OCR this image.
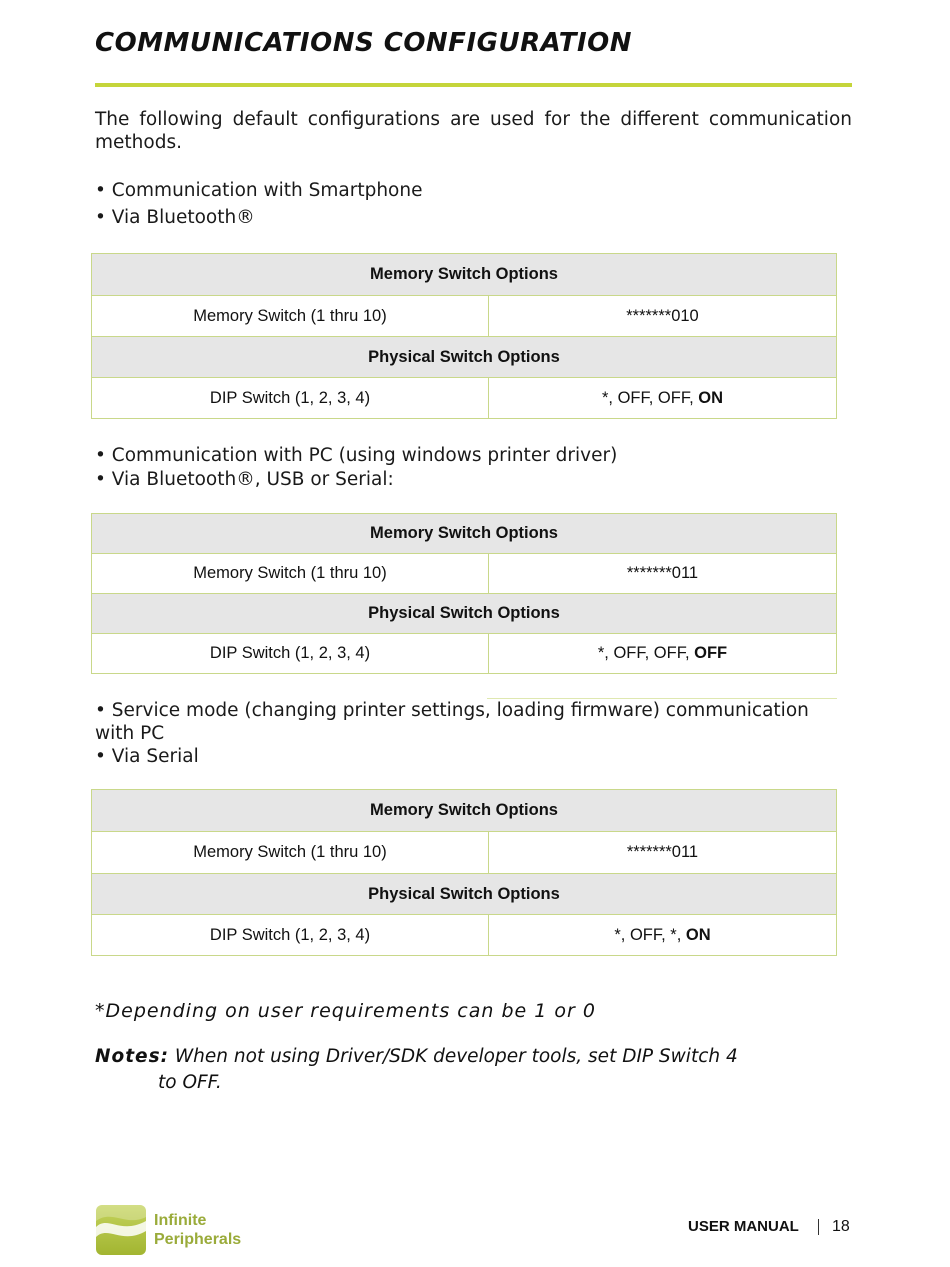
COMMUNICATIONS CONFIGURATION
The following default configurations are used for the different communication methods.
• Communication with Smartphone
• Via Bluetooth®
Memory Switch Options	
Memory Switch (1 thru 10)	*******010
Physical Switch Options	
DIP Switch (1, 2, 3, 4)	*, OFF, OFF, ON
• Communication with PC (using windows printer driver)
• Via Bluetooth®, USB or Serial:
Memory Switch Options	
Memory Switch (1 thru 10)	*******011
Physical Switch Options	
DIP Switch (1, 2, 3, 4)	*, OFF, OFF, OFF
• Service mode (changing printer settings, loading firmware) communication with PC
• Via Serial
Memory Switch Options	
Memory Switch (1 thru 10)	*******011
Physical Switch Options	
DIP Switch (1, 2, 3, 4)	*, OFF, *, ON
*Depending on user requirements can be 1 or 0
Notes: When not using Driver/SDK developer tools, set DIP Switch 4
to OFF.
Infinite
Peripherals
USER MANUAL 18
